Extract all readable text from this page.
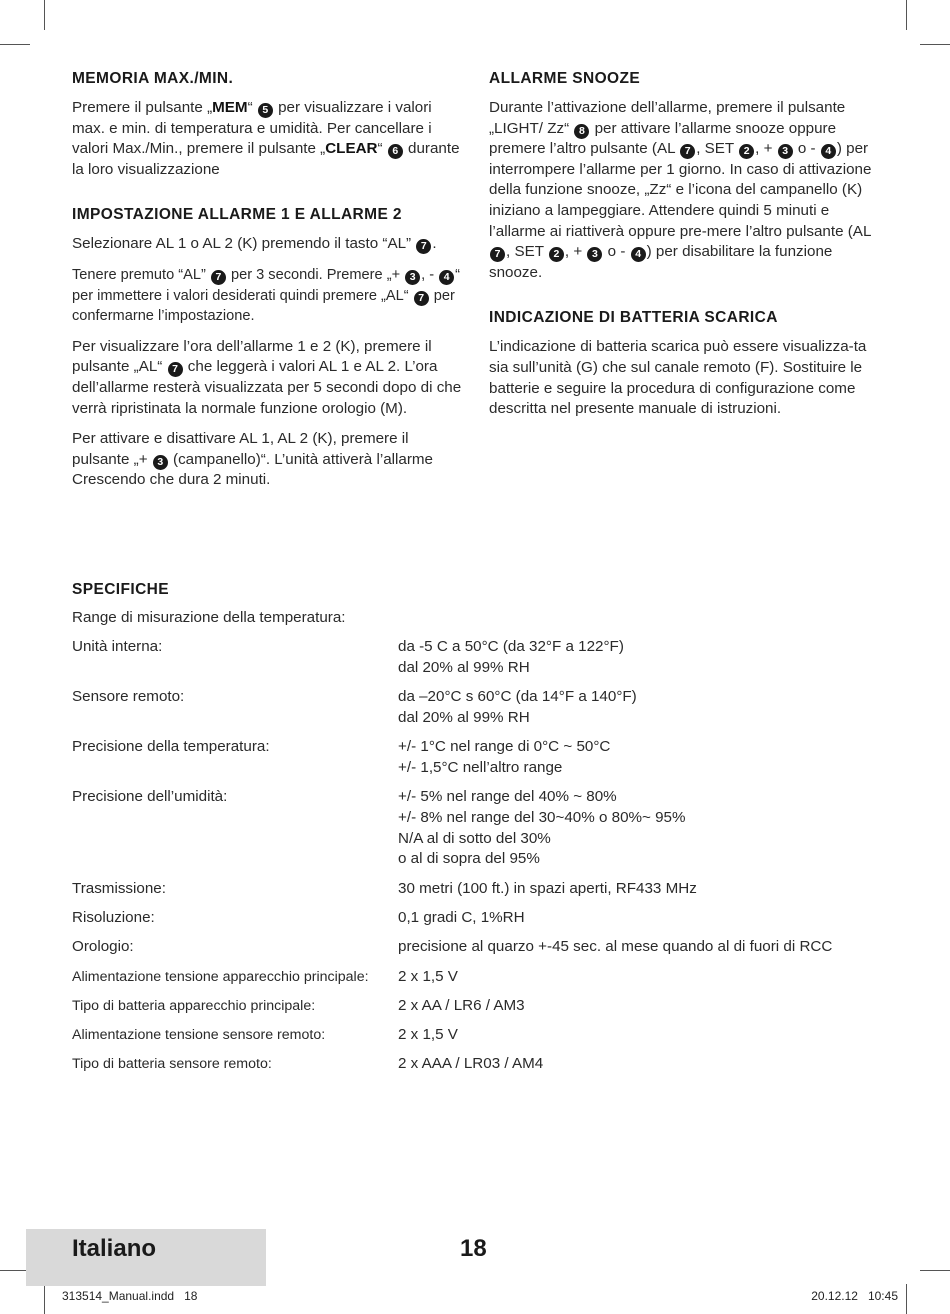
MEMORIA MAX./MIN.

Premere il pulsante „MEM“ 5 per visualizzare i valori max. e min. di temperatura e umidità. Per cancellare i valori Max./Min., premere il pulsante „CLEAR“ 6 durante la loro visualizzazione

IMPOSTAZIONE ALLARME 1 E ALLARME 2

Selezionare AL 1 o AL 2 (K) premendo il tasto “AL” 7 .

Tenere premuto “AL” 7 per 3 secondi. Premere „+ 3 , - 4 “ per immettere i valori desiderati quindi premere „AL“ 7 per confermarne l’impostazione.

Per visualizzare l’ora dell’allarme 1 e 2 (K), premere il pulsante „AL“ 7 che leggerà i valori AL 1 e AL 2. L’ora dell’allarme resterà visualizzata per 5 secondi dopo di che verrà ripristinata la normale funzione orologio (M).

Per attivare e disattivare AL 1, AL 2 (K), premere il pulsante „+ 3 (campanello)“. L’unità attiverà l’allarme Crescendo che dura 2 minuti.

ALLARME SNOOZE

Durante l’attivazione dell’allarme, premere il pulsante „LIGHT/ Zz“ 8 per attivare l’allarme snooze oppure premere l’altro pulsante (AL 7 , SET 2 , + 3 o - 4 ) per interrompere l’allarme per 1 giorno. In caso di attivazione della funzione snooze, „Zz“ e l’icona del campanello (K) iniziano a lampeggiare. Attendere quindi 5 minuti e l’allarme ai riattiverà oppure pre-mere l’altro pulsante (AL 7 , SET 2 , + 3 o - 4 ) per disabilitare la funzione snooze.

INDICAZIONE DI BATTERIA SCARICA

L’indicazione di batteria scarica può essere visualizza-ta sia sull’unità (G) che sul canale remoto (F). Sostituire le batterie e seguire la procedura di configurazione come descritta nel presente manuale di istruzioni.

SPECIFICHE
Range di misurazione della temperatura:
Unità interna:	da -5 C a 50°C (da 32°F a 122°F)
dal 20% al 99% RH
Sensore remoto:	da –20°C s 60°C (da 14°F a 140°F)
dal 20% al 99% RH
Precisione della temperatura:	+/- 1°C nel range di 0°C ~ 50°C
+/- 1,5°C nell’altro range
Precisione dell’umidità:	+/- 5% nel range del 40% ~ 80%
+/- 8% nel range del 30~40% o 80%~ 95%
N/A al di sotto del 30%
o al di sopra del 95%
Trasmissione:	30 metri (100 ft.) in spazi aperti, RF433 MHz
Risoluzione:	0,1 gradi C, 1%RH
Orologio:	precisione al quarzo +-45 sec. al mese quando al di fuori di RCC
Alimentazione tensione apparecchio principale:	2 x 1,5 V
Tipo di batteria apparecchio principale:	2 x AA / LR6 / AM3
Alimentazione tensione sensore remoto:	2 x 1,5 V
Tipo di batteria sensore remoto:	2 x AAA / LR03 / AM4
Italiano	18
313514_Manual.indd   18	20.12.12   10:45
